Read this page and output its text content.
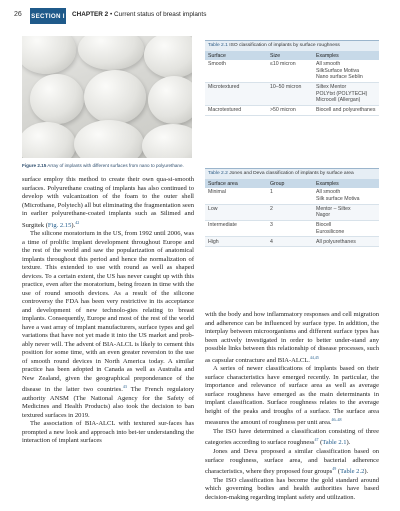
26 SECTION I CHAPTER 2 • Current status of breast implants
Figure 2.15 Array of implants with different surfaces from nano to polyurethane.
Table 2.1 ISO classification of implants by surface roughness
Surface	Size	Examples
Smooth	≤10 micron	All smooth
SilkSurface Motiva
Nano surface Seblin

Microtextured	10–50 micron	Siltex Mentor
POLYtxt (POLYTECH)
Microcell (Allergan)

Macrotextured	>50 micron	Biocell and polyurethanes
Table 2.2 Jones and Deva classification of implants by surface area
Surface area	Group	Examples
Minimal	1	All smooth
Silk surface Motiva

Low	2	Mentor – Siltex
Nagor

Intermediate	3	Biocell
Eurosilicone

High	4	All polyurethanes

surface employ this method to create their own qua-si-smooth surfaces. Polyurethane coating of implants has also continued to develop with vulcanization of the foam to the outer shell (Microthane, Polytech) all but eliminating the fragmentation seen in earlier polyurethane-coated implants such as Silimed and Surgitek (Fig. 2.15).$^{42}$

The silicone moratorium in the US, from 1992 until 2006, was a time of prolific implant development throughout Europe and the rest of the world and saw the popularization of anatomical implants throughout this period and hence the normalization of texture. This extended to use with round as well as shaped devices. To a certain extent, the US has never caught up with this practice, even after the moratorium, being frozen in time with the use of round smooth devices. As a result of the silicone controversy the FDA has been very restrictive in its acceptance and development of new technolo-gies relating to breast implants. Consequently, Europe and most of the rest of the world have a vast array of implant manufacturers, surface types and gel variations that have not yet made it into the US market and prob-ably never will. The advent of BIA-ALCL is likely to cement this position for some time, with an even greater reversion to the use of smooth round devices in North America today. A similar practice has been adopted in Canada as well as Australia and New Zealand, given the geographical preponderance of the disease in the latter two countries.$^{43}$ The French regulatory authority ANSM (The National Agency for the Safety of Medicines and Health Products) also took the decision to ban textured surfaces in 2019.

The association of BIA-ALCL with textured sur-faces has prompted a new look and approach into bet-ter understanding the interaction of implant surfaces

with the body and how inflammatory responses and cell migration and adherence can be influenced by surface type. In addition, the interplay between microorganisms and different surface types has been actively investigated in order to better under-stand any possible links between this relationship of disease processes, such as capsular contracture and BIA-ALCL.$^{44,45}$

A series of newer classifications of implants based on their surface characteristics have emerged recently. In particular, the importance and relevance of surface area as well as average surface roughness have emerged as the main determinants in implant classification. Surface roughness relates to the average height of the peaks and troughs of a surface. The surface area measures the amount of roughness per unit area.$^{46-48}$

The ISO have determined a classification consisting of three categories according to surface roughness$^{47}$ (Table 2.1).

Jones and Deva proposed a similar classification based on surface roughness, surface area, and bacterial adherence characteristics, where they proposed four groups$^{49}$ (Table 2.2).

The ISO classification has become the gold standard around which governing bodies and health authorities have based decision-making regarding implant safety and utilization.
